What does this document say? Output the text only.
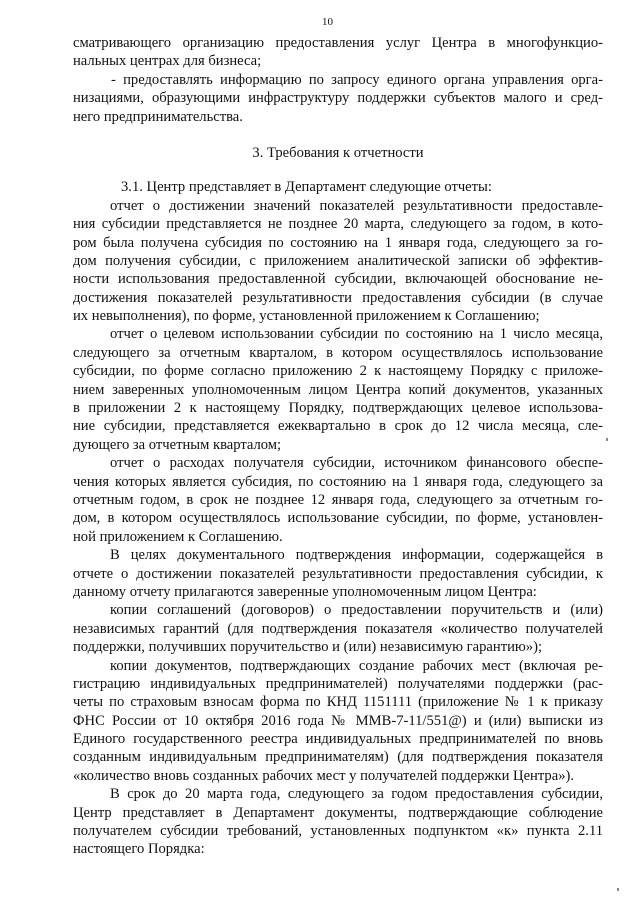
10
сматривающего организацию предоставления услуг Центра в многофункцио-
нальных центрах для бизнеса;
- предоставлять информацию по запросу единого органа управления орга-
низациями, образующими инфраструктуру поддержки субъектов малого и сред-
него предпринимательства.
3. Требования к отчетности
3.1. Центр представляет в Департамент следующие отчеты:
отчет о достижении значений показателей результативности предоставле-
ния субсидии представляется не позднее 20 марта, следующего за годом, в кото-
ром была получена субсидия по состоянию на 1 января года, следующего за го-
дом получения субсидии, с приложением аналитической записки об эффектив-
ности использования предоставленной субсидии, включающей обоснование не-
достижения показателей результативности предоставления субсидии (в случае
их невыполнения), по форме, установленной приложением к Соглашению;
отчет о целевом использовании субсидии по состоянию на 1 число месяца,
следующего за отчетным кварталом, в котором осуществлялось использование
субсидии, по форме согласно приложению 2 к настоящему Порядку с приложе-
нием заверенных уполномоченным лицом Центра копий документов, указанных
в приложении 2 к настоящему Порядку, подтверждающих целевое использова-
ние субсидии, представляется ежеквартально в срок до 12 числа месяца, сле-
дующего за отчетным кварталом;
отчет о расходах получателя субсидии, источником финансового обеспе-
чения которых является субсидия, по состоянию на 1 января года, следующего за
отчетным годом, в срок не позднее 12 января года, следующего за отчетным го-
дом, в котором осуществлялось использование субсидии, по форме, установлен-
ной приложением к Соглашению.
В целях документального подтверждения информации, содержащейся в
отчете о достижении показателей результативности предоставления субсидии, к
данному отчету прилагаются заверенные уполномоченным лицом Центра:
копии соглашений (договоров) о предоставлении поручительств и (или)
независимых гарантий (для подтверждения показателя «количество получателей
поддержки, получивших поручительство и (или) независимую гарантию»);
копии документов, подтверждающих создание рабочих мест (включая ре-
гистрацию индивидуальных предпринимателей) получателями поддержки (рас-
четы по страховым взносам форма по КНД 1151111 (приложение № 1 к приказу
ФНС России от 10 октября 2016 года № ММВ-7-11/551@) и (или) выписки из
Единого государственного реестра индивидуальных предпринимателей по вновь
созданным индивидуальным предпринимателям) (для подтверждения показателя
«количество вновь созданных рабочих мест у получателей поддержки Центра»).
В срок до 20 марта года, следующего за годом предоставления субсидии,
Центр представляет в Департамент документы, подтверждающие соблюдение
получателем субсидии требований, установленных подпунктом «к» пункта 2.11
настоящего Порядка:
